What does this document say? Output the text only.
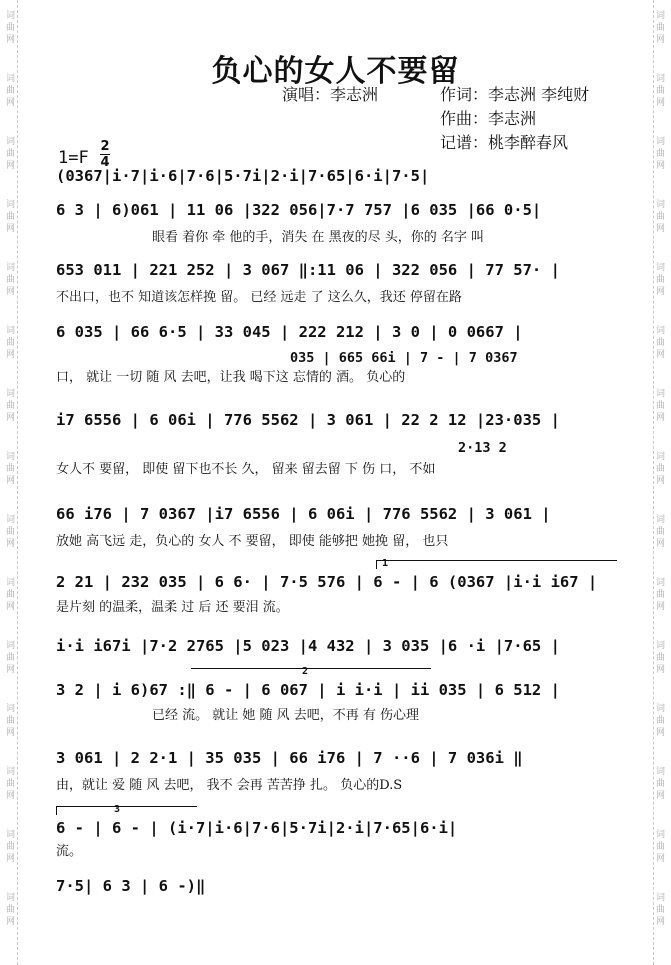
词
曲
网
词
曲
网
词
曲
网
词
曲
网
词
曲
网
词
曲
网
词
曲
网
词
曲
网
词
曲
网
词
曲
网
词
曲
网
词
曲
网
词
曲
网
词
曲
网
词
曲
网
词
曲
网
词
曲
网
词
曲
网
词
曲
网
词
曲
网
词
曲
网
词
曲
网
词
曲
网
词
曲
网
词
曲
网
词
曲
网
词
曲
网
词
曲
网
词
曲
网
词
曲
网
负心的女人不要留
演唱：李志洲	作词：李志洲 李纯财
作曲：李志洲
记谱：桃李醉春风
1=F
2
4
(0367|i·7|i·6|7·6|5·7i|2·i|7·65|6·i|7·5|
6 3 | 6)061 | 11 06 |322 056|7·7 757 |6 035 |66 0·5|
眼看 着你 牵 他的手，消失 在 黑夜的尽 头，你的 名字 叫
653 011 | 221 252 | 3 067 ‖:11 06 | 322 056 | 77 57· |
不出口，也不 知道该怎样挽 留。 已经 远走 了 这么久，我还 停留在路
6 035 | 66 6·5 | 33 045 | 222 212 | 3 0 | 0 0667 |
035 | 665 66i | 7 - | 7 0367
口， 就让 一切 随 风 去吧，让我 喝下这 忘情的 酒。 负心的
i7 6556 | 6 06i | 776 5562 | 3 061 | 22 2 12 |23·035 |
2·13 2
女人不 要留， 即使 留下也不长 久， 留来 留去留 下 伤 口， 不如
66 i76 | 7 0367 |i7 6556 | 6 06i | 776 5562 | 3 061 |
放她 高飞远 走，负心的 女人 不 要留， 即使 能够把 她挽 留， 也只
1
2 21 | 232 035 | 6 6· | 7·5 576 | 6 - | 6 (0367 |i·i i67 |
是片刻 的温柔，温柔 过 后 还 要泪 流。
i·i i67i |7·2 2765 |5 023 |4 432 | 3 035 |6 ·i |7·65 |
2
3 2 | i 6)67 :‖ 6 - | 6 067 | i i·i | ii 035 | 6 512 |
已经 流。 就让 她 随 风 去吧，不再 有 伤心理
3 061 | 2 2·1 | 35 035 | 66 i76 | 7 ··6 | 7 036i ‖
由，就让 爱 随 风 去吧， 我不 会再 苦苦挣 扎。 负心的D.S
3
6 - | 6 - | (i·7|i·6|7·6|5·7i|2·i|7·65|6·i|
流。
7·5| 6 3 | 6 -)‖
